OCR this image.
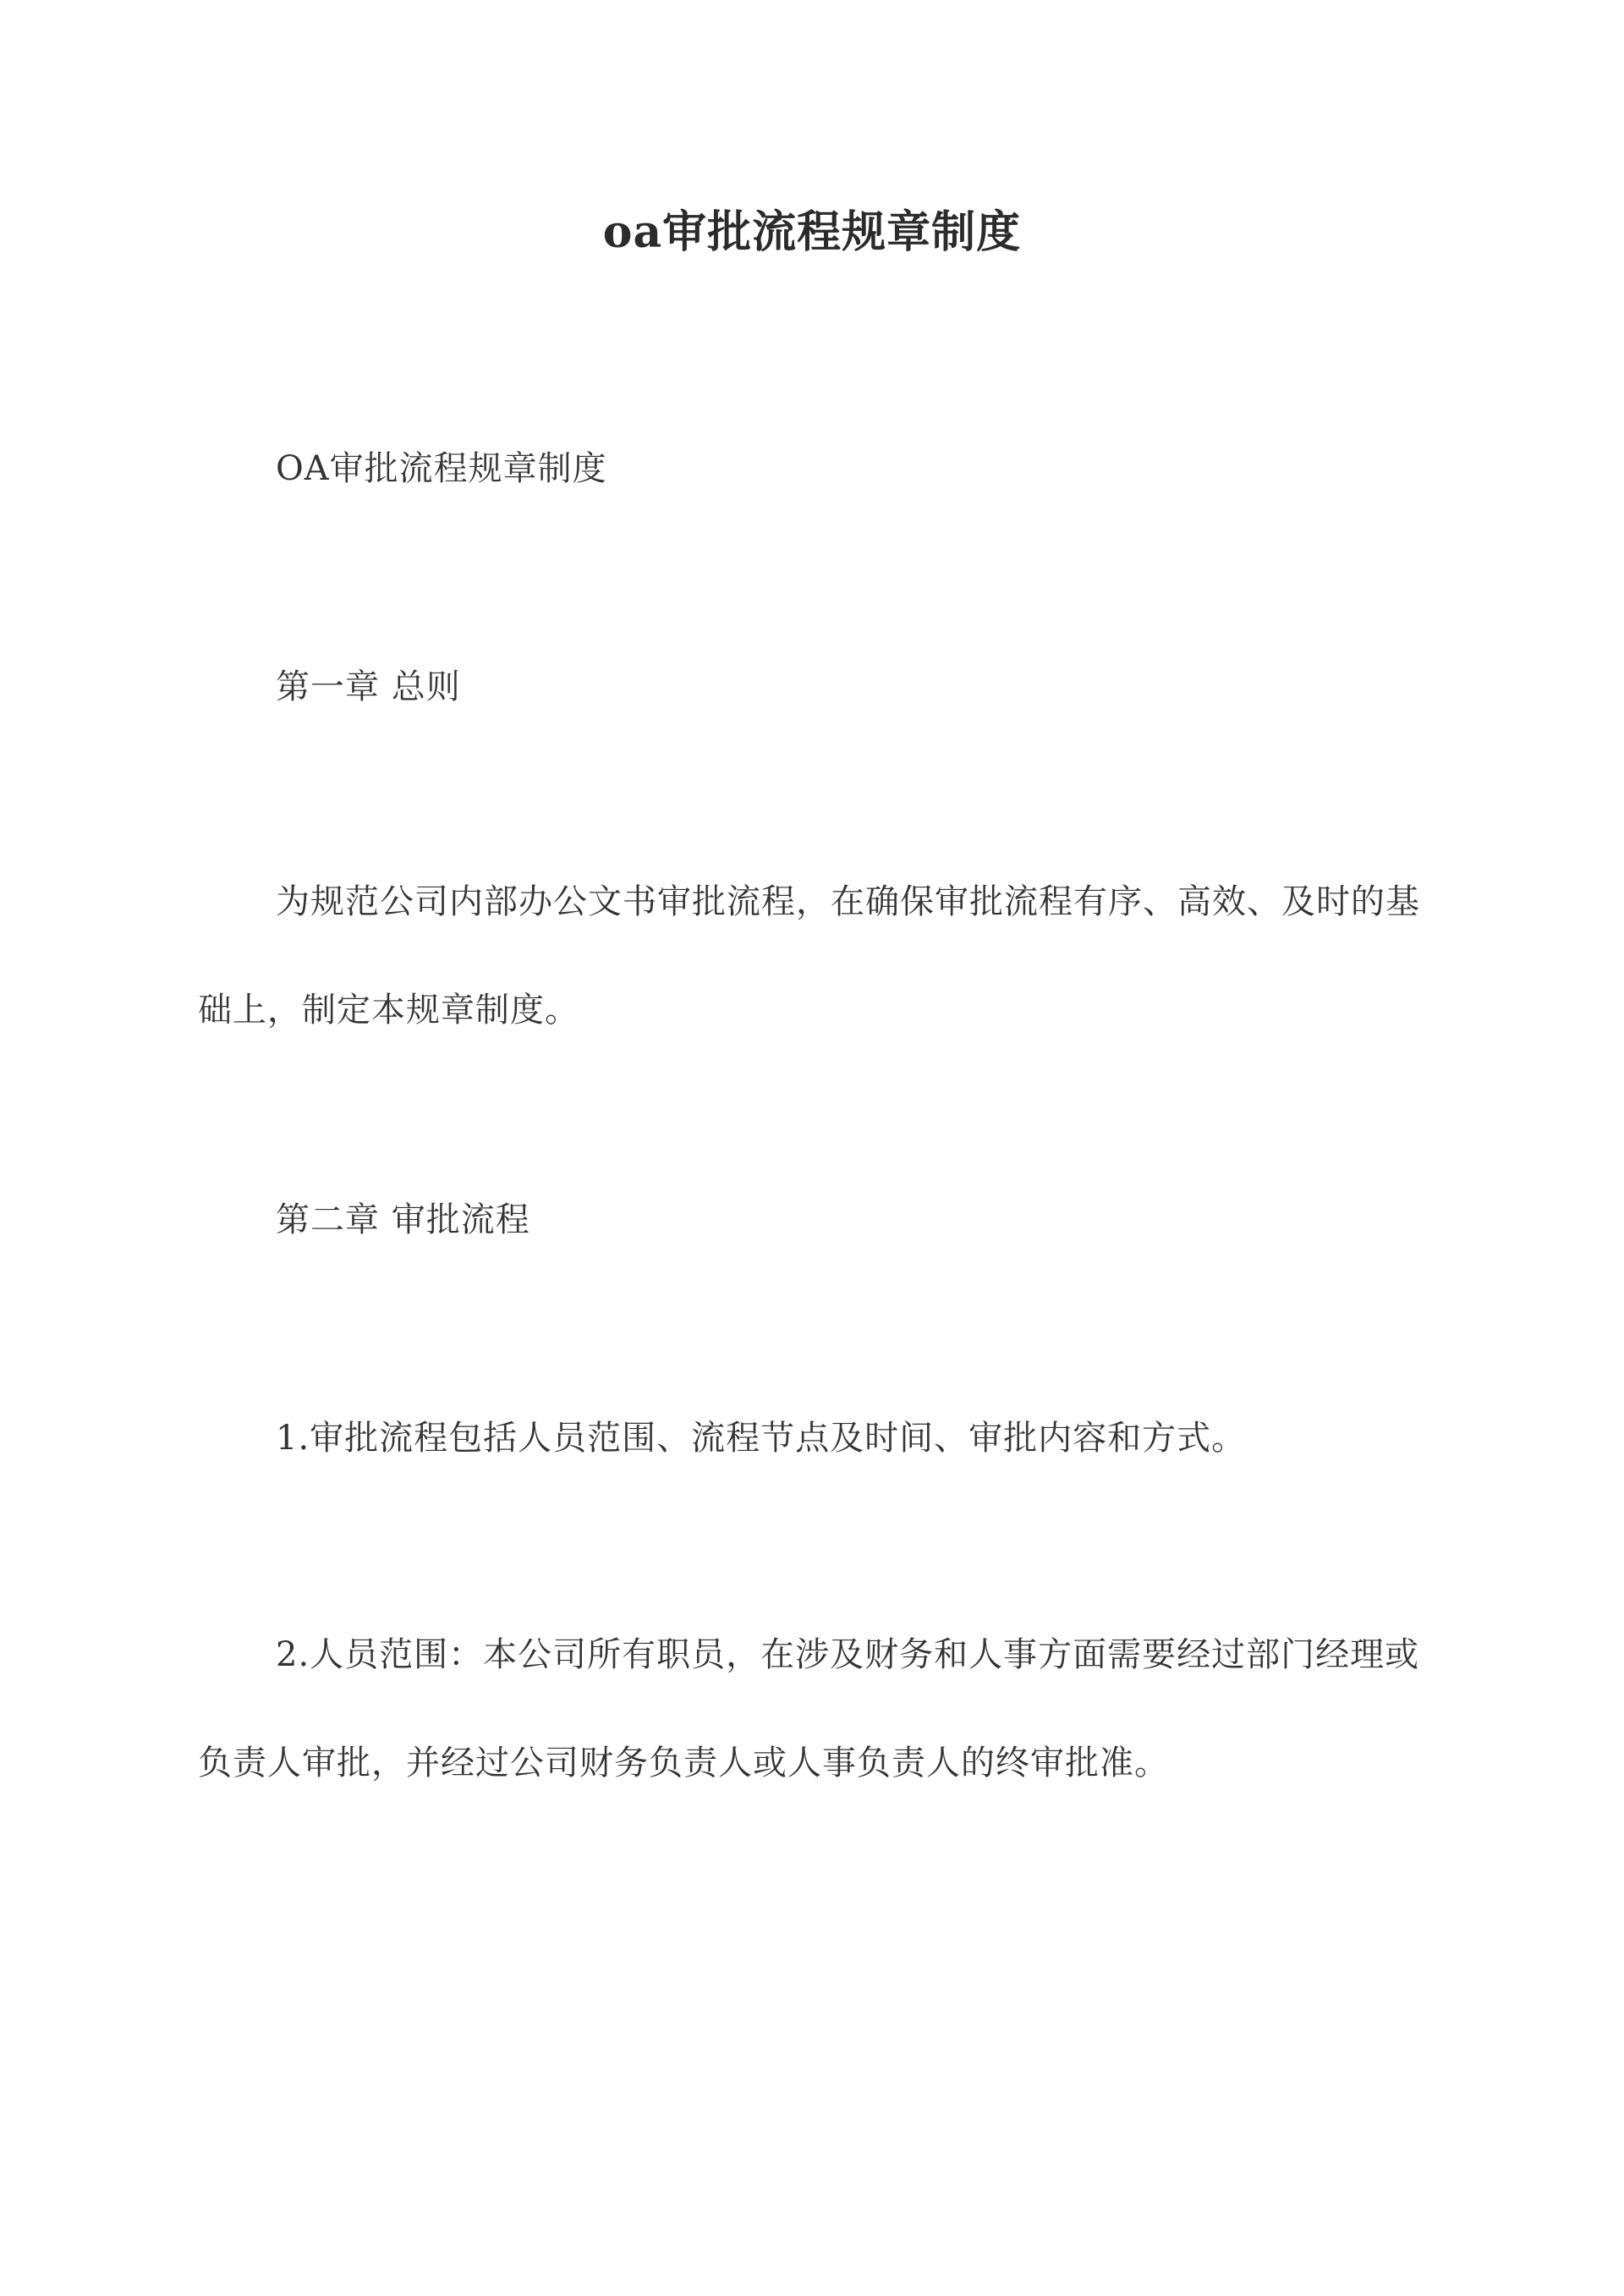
oa审批流程规章制度

OA审批流程规章制度

第一章 总则

为规范公司内部办公文书审批流程，在确保审批流程有序、高效、及时的基础上，制定本规章制度。

第二章 审批流程

1.审批流程包括人员范围、流程节点及时间、审批内容和方式。

2.人员范围：本公司所有职员，在涉及财务和人事方面需要经过部门经理或负责人审批，并经过公司财务负责人或人事负责人的终审批准。
